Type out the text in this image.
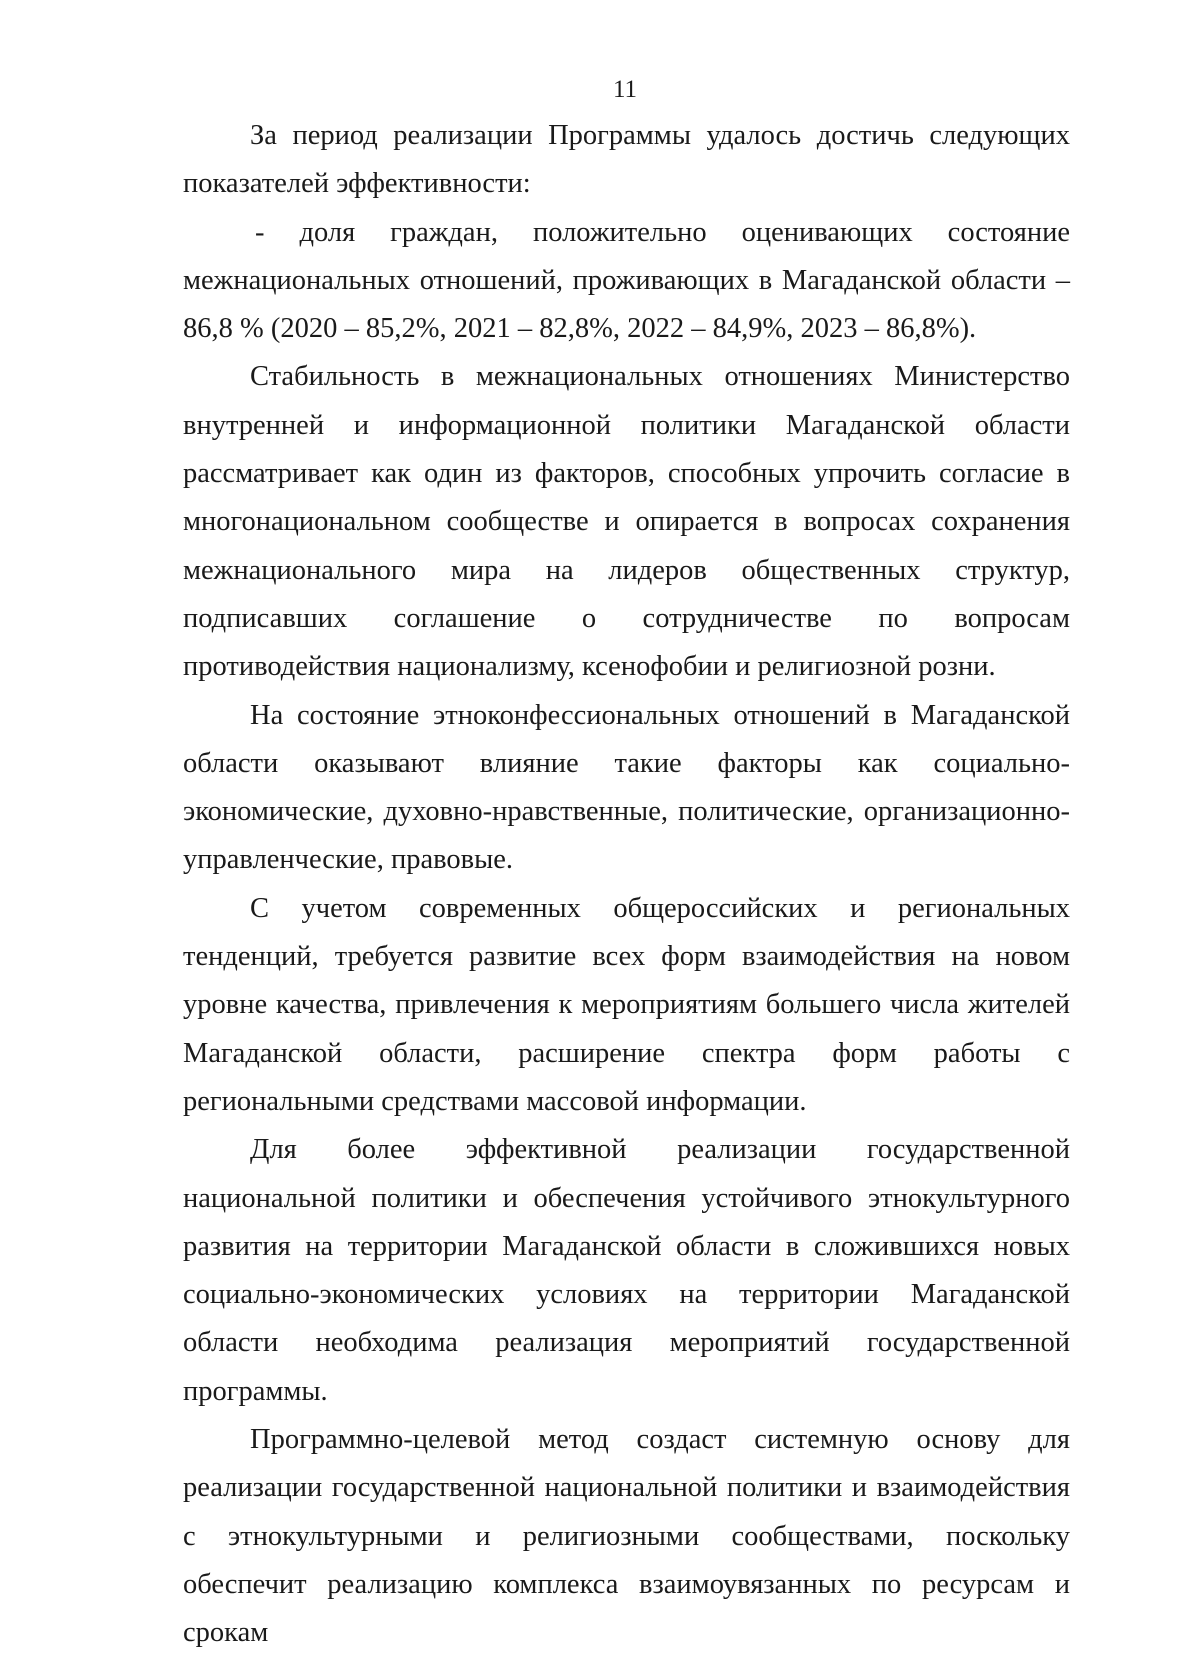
11

За период реализации Программы удалось достичь следующих показателей эффективности:

- доля граждан, положительно оценивающих состояние межнациональных отношений, проживающих в Магаданской области – 86,8 % (2020 – 85,2%, 2021 – 82,8%, 2022 – 84,9%, 2023 – 86,8%).

Стабильность в межнациональных отношениях Министерство внутренней и информационной политики Магаданской области рассматривает как один из факторов, способных упрочить согласие в многонациональном сообществе и опирается в вопросах сохранения межнационального мира на лидеров общественных структур, подписавших соглашение о сотрудничестве по вопросам противодействия национализму, ксенофобии и религиозной розни.

На состояние этноконфессиональных отношений в Магаданской области оказывают влияние такие факторы как социально-экономические, духовно-нравственные, политические, организационно-управленческие, правовые.

С учетом современных общероссийских и региональных тенденций, требуется развитие всех форм взаимодействия на новом уровне качества, привлечения к мероприятиям большего числа жителей Магаданской области, расширение спектра форм работы с региональными средствами массовой информации.

Для более эффективной реализации государственной национальной политики и обеспечения устойчивого этнокультурного развития на территории Магаданской области в сложившихся новых социально-экономических условиях на территории Магаданской области необходима реализация мероприятий государственной программы.

Программно-целевой метод создаст системную основу для реализации государственной национальной политики и взаимодействия с этнокультурными и религиозными сообществами, поскольку обеспечит реализацию комплекса взаимоувязанных по ресурсам и срокам
